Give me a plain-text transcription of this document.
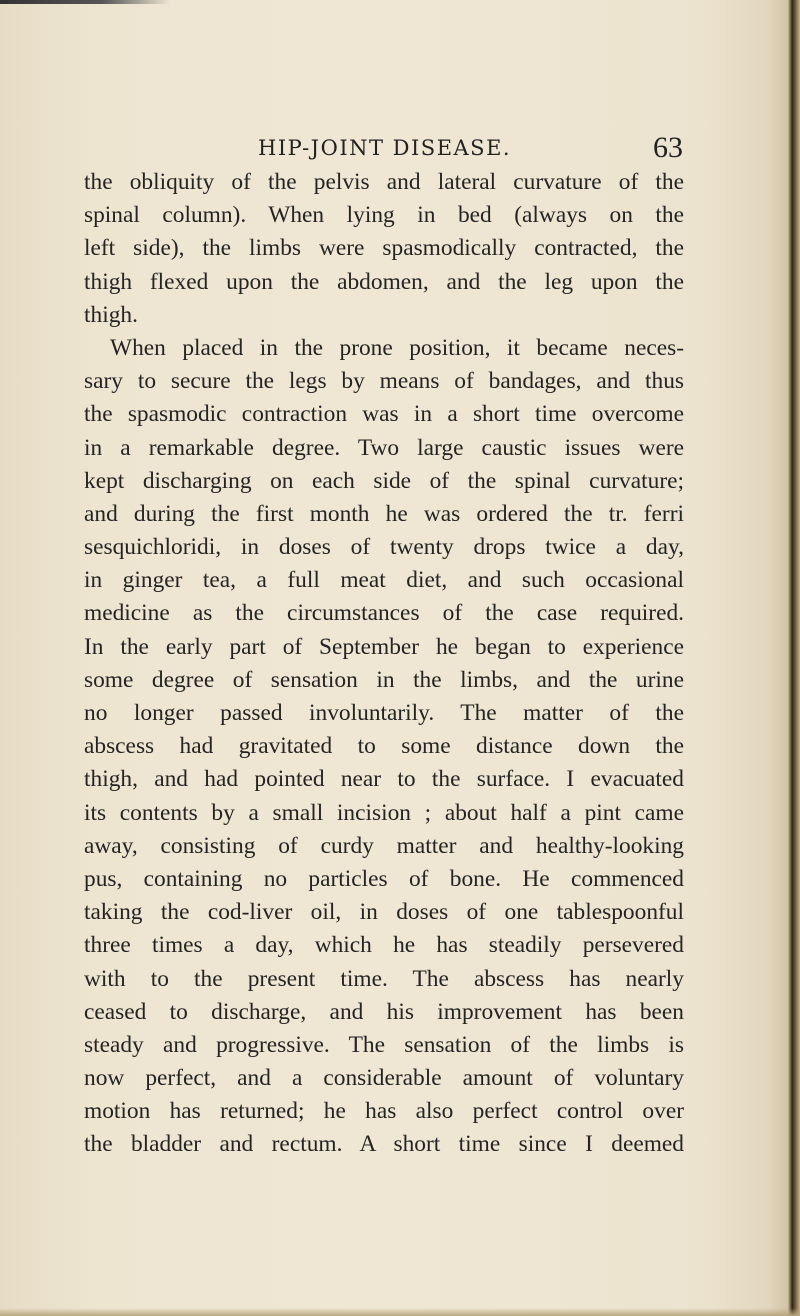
HIP-JOINT DISEASE.	63
the obliquity of the pelvis and lateral curvature of the
spinal column). When lying in bed (always on the
left side), the limbs were spasmodically contracted, the
thigh flexed upon the abdomen, and the leg upon the
thigh.
When placed in the prone position, it became neces-
sary to secure the legs by means of bandages, and thus
the spasmodic contraction was in a short time overcome
in a remarkable degree. Two large caustic issues were
kept discharging on each side of the spinal curvature;
and during the first month he was ordered the tr. ferri
sesquichloridi, in doses of twenty drops twice a day,
in ginger tea, a full meat diet, and such occasional
medicine as the circumstances of the case required.
In the early part of September he began to experience
some degree of sensation in the limbs, and the urine
no longer passed involuntarily. The matter of the
abscess had gravitated to some distance down the
thigh, and had pointed near to the surface. I evacuated
its contents by a small incision ; about half a pint came
away, consisting of curdy matter and healthy-looking
pus, containing no particles of bone. He commenced
taking the cod-liver oil, in doses of one tablespoonful
three times a day, which he has steadily persevered
with to the present time. The abscess has nearly
ceased to discharge, and his improvement has been
steady and progressive. The sensation of the limbs is
now perfect, and a considerable amount of voluntary
motion has returned; he has also perfect control over
the bladder and rectum. A short time since I deemed
